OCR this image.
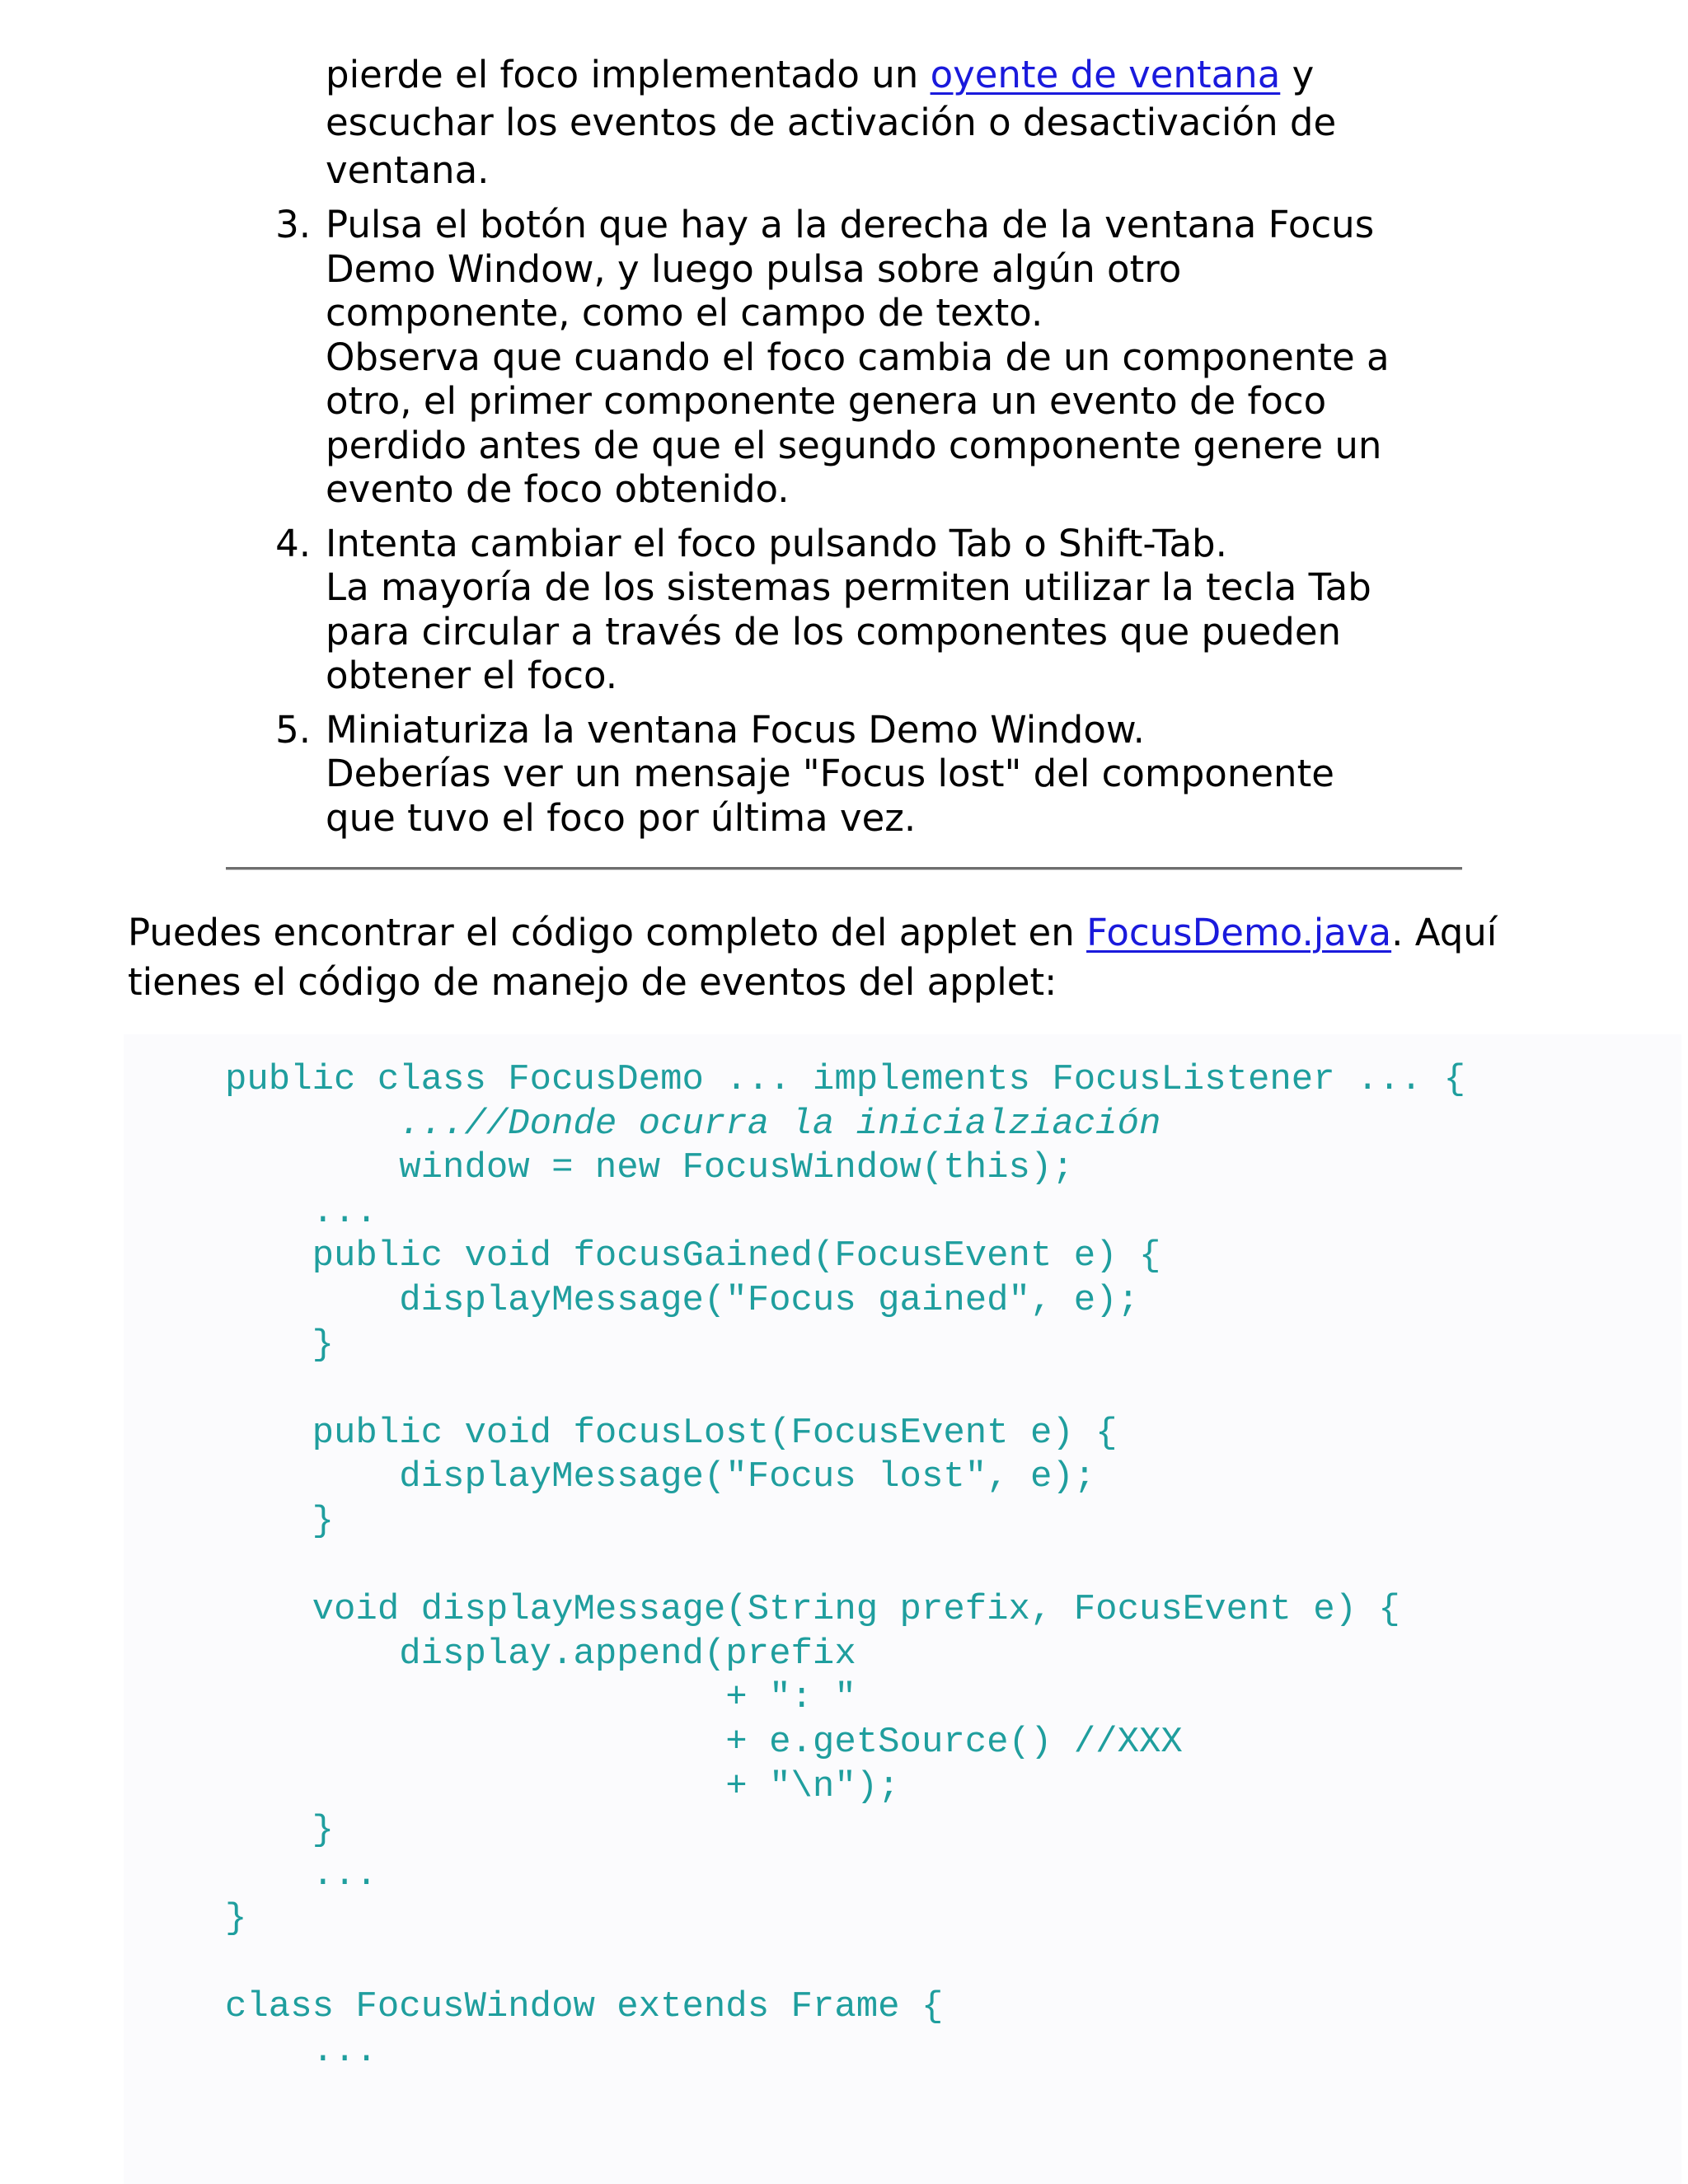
pierde el foco implementado un oyente de ventana y
escuchar los eventos de activación o desactivación de
ventana.
3. Pulsa el botón que hay a la derecha de la ventana Focus
Demo Window, y luego pulsa sobre algún otro
componente, como el campo de texto.
Observa que cuando el foco cambia de un componente a
otro, el primer componente genera un evento de foco
perdido antes de que el segundo componente genere un
evento de foco obtenido.
4. Intenta cambiar el foco pulsando Tab o Shift-Tab.
La mayoría de los sistemas permiten utilizar la tecla Tab
para circular a través de los componentes que pueden
obtener el foco.
5. Miniaturiza la ventana Focus Demo Window.
Deberías ver un mensaje "Focus lost" del componente
que tuvo el foco por última vez.
Puedes encontrar el código completo del applet en FocusDemo.java. Aquí
tienes el código de manejo de eventos del applet:
public class FocusDemo ... implements FocusListener ... {
...//Donde ocurra la inicialziación
window = new FocusWindow(this);
...
public void focusGained(FocusEvent e) {
displayMessage("Focus gained", e);
}

public void focusLost(FocusEvent e) {
displayMessage("Focus lost", e);
}

void displayMessage(String prefix, FocusEvent e) {
display.append(prefix
+ ": "
+ e.getSource() //XXX
+ "\n");
}
...
}

class FocusWindow extends Frame {
...
